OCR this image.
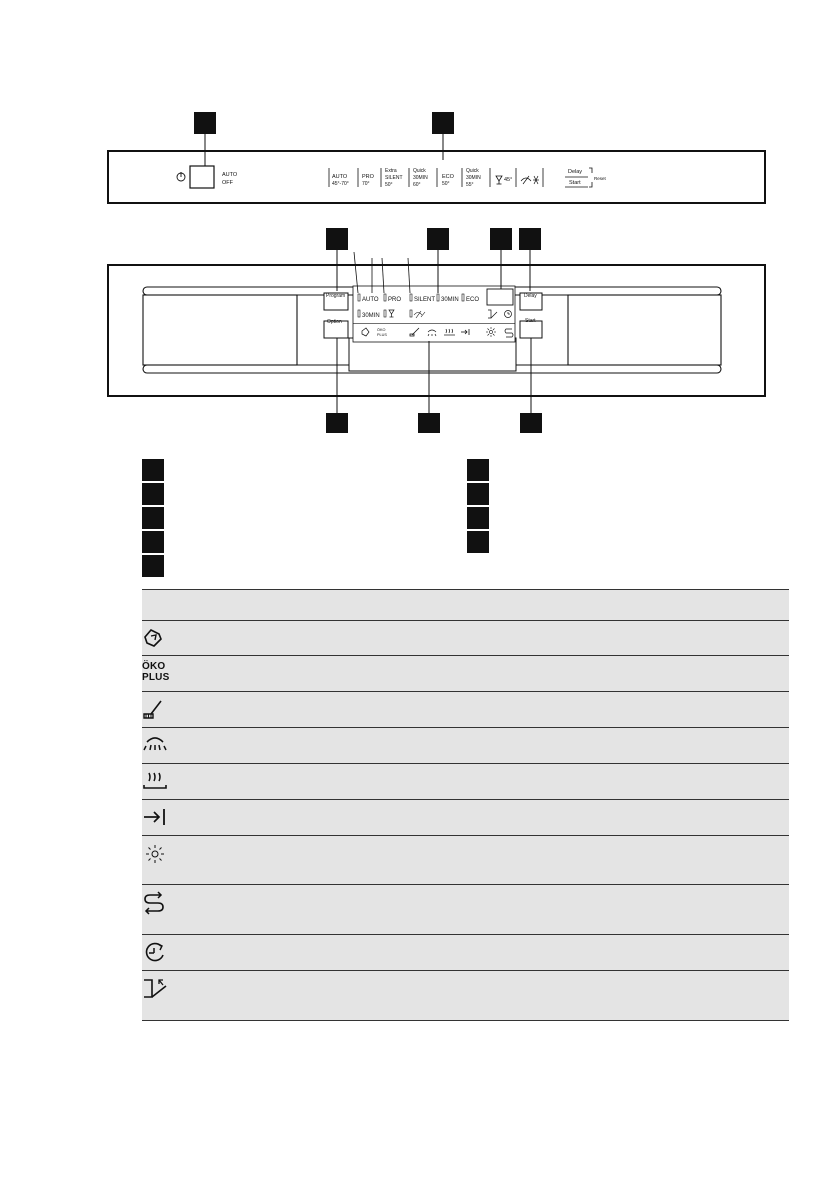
AUTO
OFF
AUTO
45°-70°
PRO
70°
Extra
SILENT
50°
Quick
30MIN
60°
ECO
50°
Quick
30MIN
55°
45°
Delay
Start
Reset
Program
Option
Delay
Start
AUTO PRO SILENT 30MIN ECO
30MIN
ÖKO
PLUS

ÖKO
PLUS
